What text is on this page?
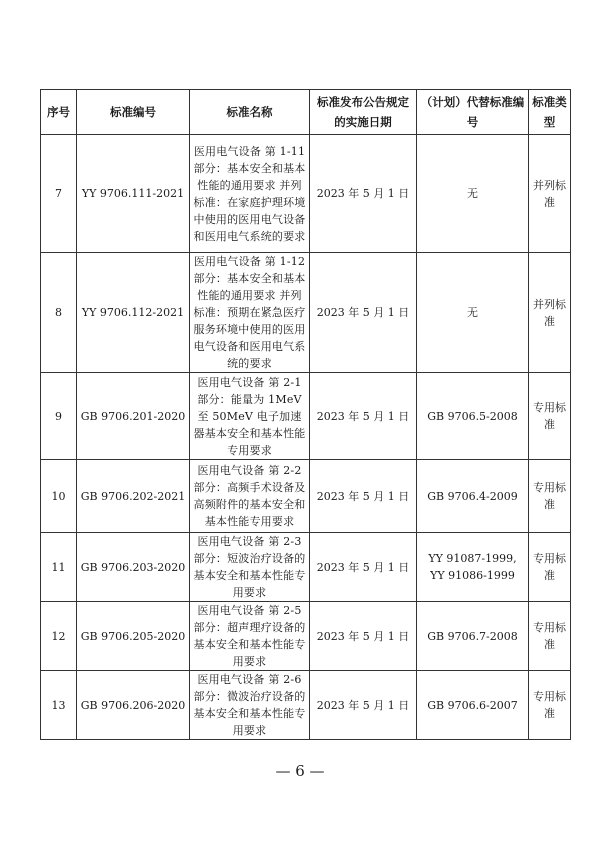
序号	标准编号	标准名称	标准发布公告规定的实施日期	（计划）代替标准编号	标准类型
7	YY 9706.111-2021	医用电气设备 第 1-11 部分：基本安全和基本性能的通用要求 并列标准：在家庭护理环境中使用的医用电气设备和医用电气系统的要求	2023 年 5 月 1 日	无	并列标准
8	YY 9706.112-2021	医用电气设备 第 1-12 部分：基本安全和基本性能的通用要求 并列标准：预期在紧急医疗服务环境中使用的医用电气设备和医用电气系统的要求	2023 年 5 月 1 日	无	并列标准
9	GB 9706.201-2020	医用电气设备 第 2-1 部分：能量为 1MeV 至 50MeV 电子加速器基本安全和基本性能专用要求	2023 年 5 月 1 日	GB 9706.5-2008	专用标准
10	GB 9706.202-2021	医用电气设备 第 2-2 部分：高频手术设备及高频附件的基本安全和基本性能专用要求	2023 年 5 月 1 日	GB 9706.4-2009	专用标准
11	GB 9706.203-2020	医用电气设备 第 2-3 部分：短波治疗设备的基本安全和基本性能专用要求	2023 年 5 月 1 日	YY 91087-1999, YY 91086-1999	专用标准
12	GB 9706.205-2020	医用电气设备 第 2-5 部分：超声理疗设备的基本安全和基本性能专用要求	2023 年 5 月 1 日	GB 9706.7-2008	专用标准
13	GB 9706.206-2020	医用电气设备 第 2-6 部分：微波治疗设备的基本安全和基本性能专用要求	2023 年 5 月 1 日	GB 9706.6-2007	专用标准
— 6 —
